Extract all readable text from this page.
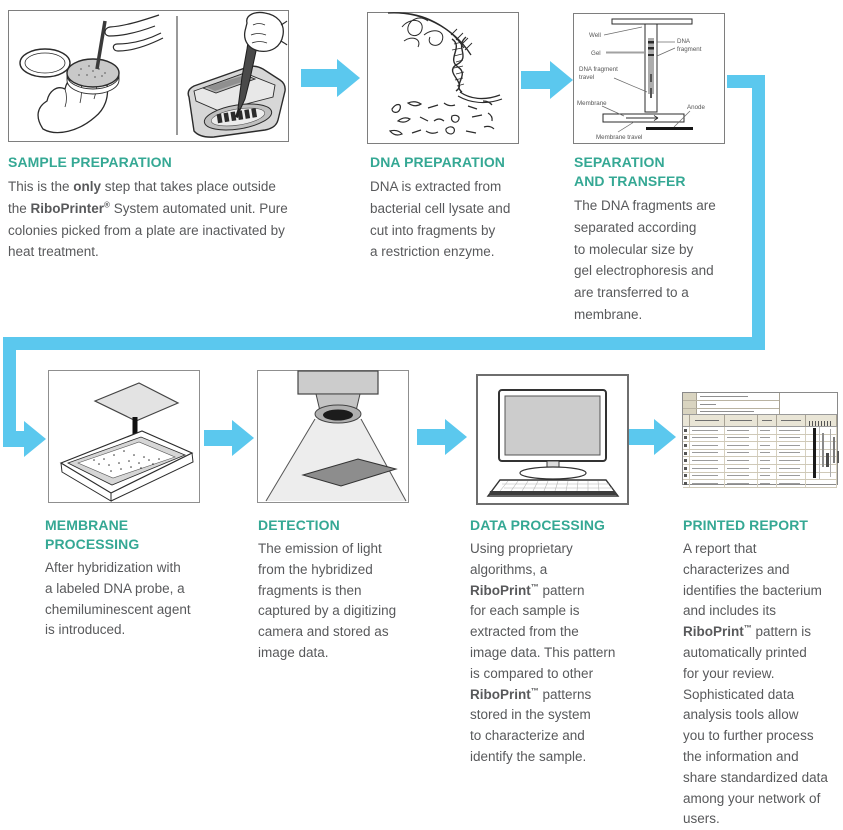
Well
Gel
DNA
fragment
DNA fragment
travel
Membrane
Anode
Membrane travel
SAMPLE PREPARATION
This is the only step that takes place outside
the RiboPrinter® System automated unit. Pure
colonies picked from a plate are inactivated by
heat treatment.
DNA PREPARATION
DNA is extracted from
bacterial cell lysate and
cut into fragments by
a restriction enzyme.
SEPARATION
AND TRANSFER
The DNA fragments are
separated according
to molecular size by
gel electrophoresis and
are transferred to a
membrane.
MEMBRANE
PROCESSING
After hybridization with
a labeled DNA probe, a
chemiluminescent agent
is introduced.
DETECTION
The emission of light
from the hybridized
fragments is then
captured by a digitizing
camera and stored as
image data.
DATA PROCESSING
Using proprietary
algorithms, a
RiboPrint™ pattern
for each sample is
extracted from the
image data. This pattern
is compared to other
RiboPrint™ patterns
stored in the system
to characterize and
identify the sample.
PRINTED REPORT
A report that
characterizes and
identifies the bacterium
and includes its
RiboPrint™ pattern is
automatically printed
for your review.
Sophisticated data
analysis tools allow
you to further process
the information and
share standardized data
among your network of
users.
